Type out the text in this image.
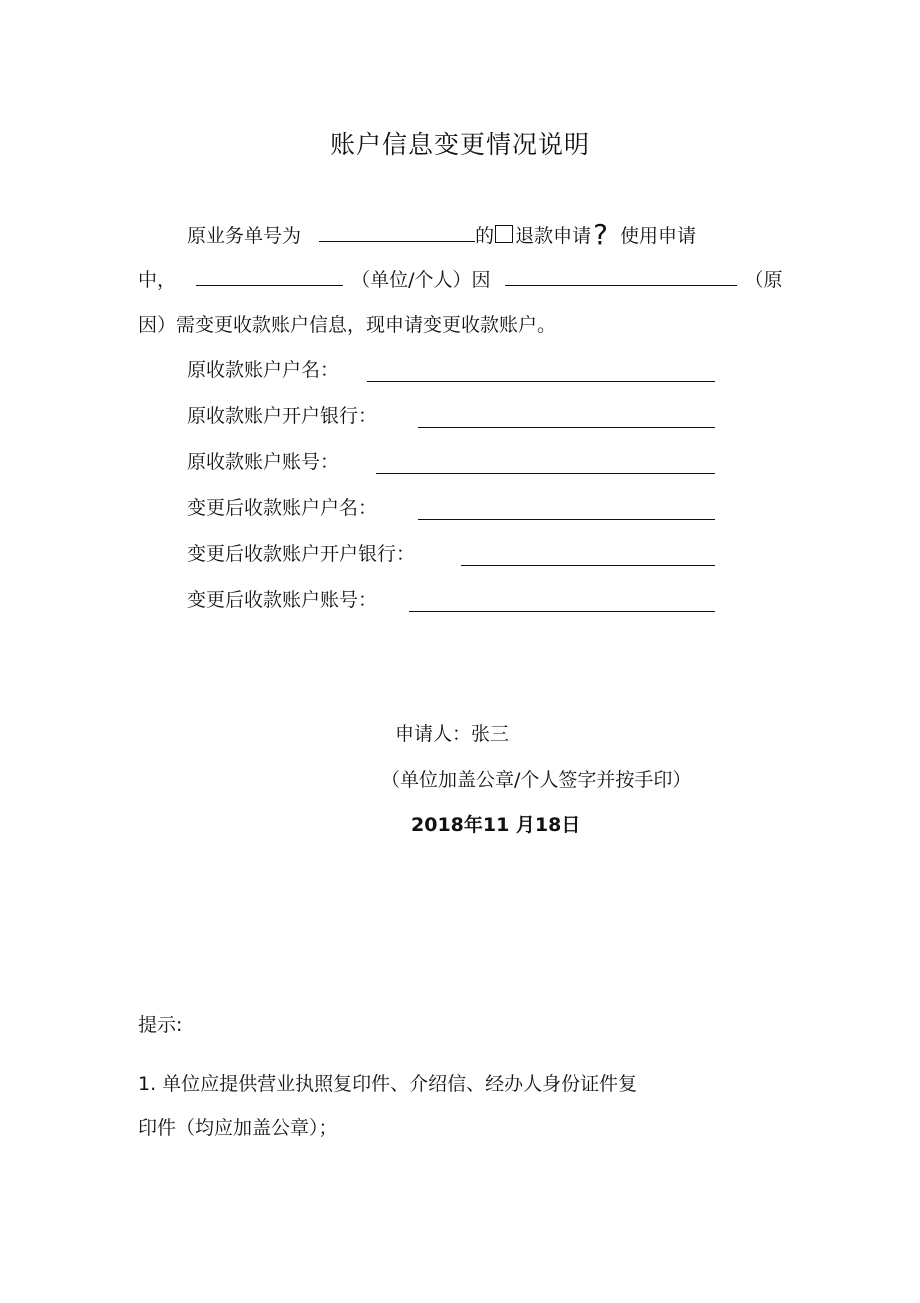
账户信息变更情况说明
原业务单号为	的 退款申请? 使用申请
中，	（单位/个人）因	（原
因）需变更收款账户信息，现申请变更收款账户。
原收款账户户名：
原收款账户开户银行：
原收款账户账号：
变更后收款账户户名：
变更后收款账户开户银行：
变更后收款账户账号：
申请人：张三
（单位加盖公章/个人签字并按手印）
2018年11 月18日
提示:
1. 单位应提供营业执照复印件、介绍信、经办人身份证件复
印件（均应加盖公章）；
